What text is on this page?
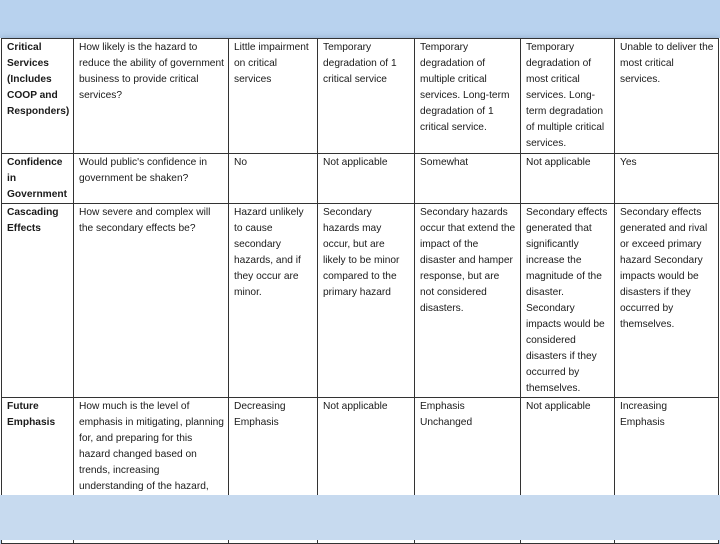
Critical Services (Includes COOP and Responders)	How likely is the hazard to reduce the ability of government business to provide critical services?	Little impairment on critical services	Temporary degradation of 1 critical service	Temporary degradation of multiple critical services. Long-term degradation of 1 critical service.	Temporary degradation of most critical services. Long-term degradation of multiple critical services.	Unable to deliver the most critical services.
Confidence in Government	Would public's confidence in government be shaken?	No	Not applicable	Somewhat	Not applicable	Yes
Cascading Effects	How severe and complex will the secondary effects be?	Hazard unlikely to cause secondary hazards, and if they occur are minor.	Secondary hazards may occur, but are likely to be minor compared to the primary hazard	Secondary hazards occur that extend the impact of the disaster and hamper response, but are not considered disasters.	Secondary effects generated that significantly increase the magnitude of the disaster. Secondary impacts would be considered disasters if they occurred by themselves.	Secondary effects generated and rival or exceed primary hazard Secondary impacts would be disasters if they occurred by themselves.
Future Emphasis	How much is the level of emphasis in mitigating, planning for, and preparing for this hazard changed based on trends, increasing understanding of the hazard,	Decreasing Emphasis	Not applicable	Emphasis Unchanged	Not applicable	Increasing Emphasis
